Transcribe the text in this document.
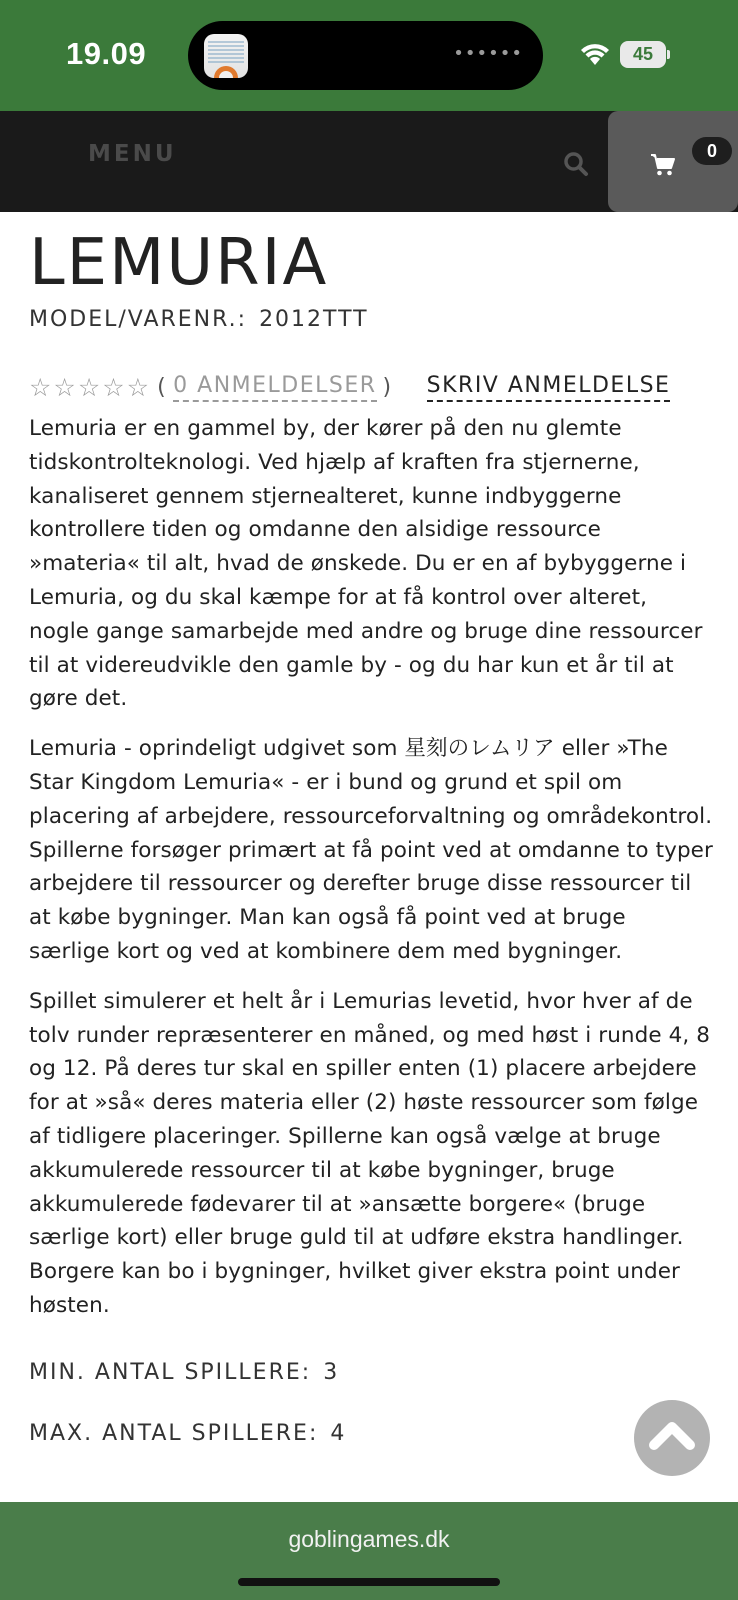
19.09	••••••	45
MENU	0
LEMURIA
MODEL/VARENR.: 2012TTT
☆☆☆☆☆ ( 0 ANMELDELSER ) SKRIV ANMELDELSE

Lemuria er en gammel by, der kører på den nu glemte tidskontrolteknologi. Ved hjælp af kraften fra stjernerne, kanaliseret gennem stjernealteret, kunne indbyggerne kontrollere tiden og omdanne den alsidige ressource »materia« til alt, hvad de ønskede. Du er en af bybyggerne i Lemuria, og du skal kæmpe for at få kontrol over alteret, nogle gange samarbejde med andre og bruge dine ressourcer til at videreudvikle den gamle by - og du har kun et år til at gøre det.

Lemuria - oprindeligt udgivet som 星刻のレムリア eller »The Star Kingdom Lemuria« - er i bund og grund et spil om placering af arbejdere, ressourceforvaltning og områdekontrol. Spillerne forsøger primært at få point ved at omdanne to typer arbejdere til ressourcer og derefter bruge disse ressourcer til at købe bygninger. Man kan også få point ved at bruge særlige kort og ved at kombinere dem med bygninger.

Spillet simulerer et helt år i Lemurias levetid, hvor hver af de tolv runder repræsenterer en måned, og med høst i runde 4, 8 og 12. På deres tur skal en spiller enten (1) placere arbejdere for at »så« deres materia eller (2) høste ressourcer som følge af tidligere placeringer. Spillerne kan også vælge at bruge akkumulerede ressourcer til at købe bygninger, bruge akkumulerede fødevarer til at »ansætte borgere« (bruge særlige kort) eller bruge guld til at udføre ekstra handlinger. Borgere kan bo i bygninger, hvilket giver ekstra point under høsten.

MIN. ANTAL SPILLERE: 3
MAX. ANTAL SPILLERE: 4
goblingames.dk
